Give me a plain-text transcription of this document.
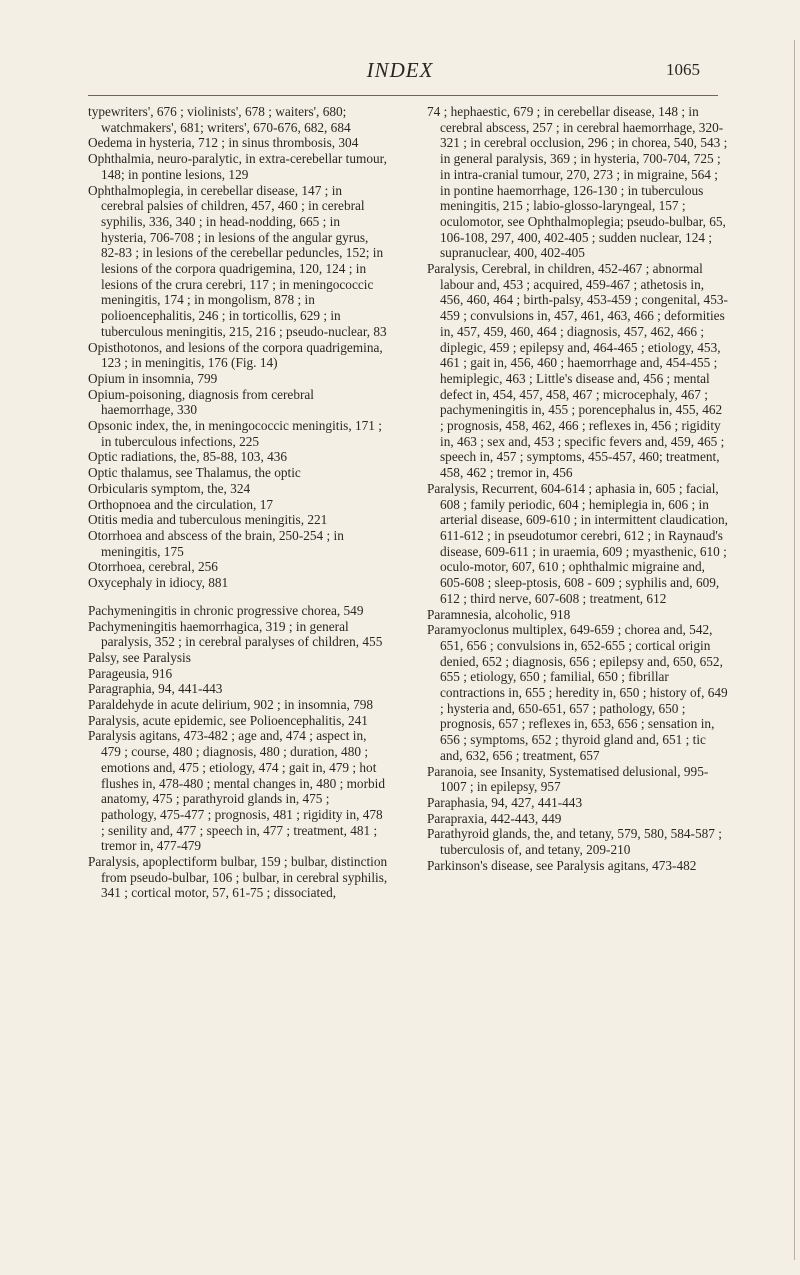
INDEX	1065

typewriters', 676 ; violinists', 678 ; waiters', 680; watchmakers', 681; writers', 670-676, 682, 684

Oedema in hysteria, 712 ; in sinus thrombosis, 304

Ophthalmia, neuro-paralytic, in extra-cerebellar tumour, 148; in pontine lesions, 129

Ophthalmoplegia, in cerebellar disease, 147 ; in cerebral palsies of children, 457, 460 ; in cerebral syphilis, 336, 340 ; in head-nodding, 665 ; in hysteria, 706-708 ; in lesions of the angular gyrus, 82-83 ; in lesions of the cerebellar peduncles, 152; in lesions of the corpora quadrigemina, 120, 124 ; in lesions of the crura cerebri, 117 ; in meningococcic meningitis, 174 ; in mongolism, 878 ; in polioencephalitis, 246 ; in torticollis, 629 ; in tuberculous meningitis, 215, 216 ; pseudo-nuclear, 83

Opisthotonos, and lesions of the corpora quadrigemina, 123 ; in meningitis, 176 (Fig. 14)

Opium in insomnia, 799

Opium-poisoning, diagnosis from cerebral haemorrhage, 330

Opsonic index, the, in meningococcic meningitis, 171 ; in tuberculous infections, 225

Optic radiations, the, 85-88, 103, 436

Optic thalamus, see Thalamus, the optic

Orbicularis symptom, the, 324

Orthopnoea and the circulation, 17

Otitis media and tuberculous meningitis, 221

Otorrhoea and abscess of the brain, 250-254 ; in meningitis, 175

Otorrhoea, cerebral, 256

Oxycephaly in idiocy, 881

Pachymeningitis in chronic progressive chorea, 549

Pachymeningitis haemorrhagica, 319 ; in general paralysis, 352 ; in cerebral paralyses of children, 455

Palsy, see Paralysis

Parageusia, 916

Paragraphia, 94, 441-443

Paraldehyde in acute delirium, 902 ; in insomnia, 798

Paralysis, acute epidemic, see Polioencephalitis, 241

Paralysis agitans, 473-482 ; age and, 474 ; aspect in, 479 ; course, 480 ; diagnosis, 480 ; duration, 480 ; emotions and, 475 ; etiology, 474 ; gait in, 479 ; hot flushes in, 478-480 ; mental changes in, 480 ; morbid anatomy, 475 ; parathyroid glands in, 475 ; pathology, 475-477 ; prognosis, 481 ; rigidity in, 478 ; senility and, 477 ; speech in, 477 ; treatment, 481 ; tremor in, 477-479

Paralysis, apoplectiform bulbar, 159 ; bulbar, distinction from pseudo-bulbar, 106 ; bulbar, in cerebral syphilis, 341 ; cortical motor, 57, 61-75 ; dissociated,

74 ; hephaestic, 679 ; in cerebellar disease, 148 ; in cerebral abscess, 257 ; in cerebral haemorrhage, 320-321 ; in cerebral occlusion, 296 ; in chorea, 540, 543 ; in general paralysis, 369 ; in hysteria, 700-704, 725 ; in intra-cranial tumour, 270, 273 ; in migraine, 564 ; in pontine haemorrhage, 126-130 ; in tuberculous meningitis, 215 ; labio-glosso-laryngeal, 157 ; oculomotor, see Ophthalmoplegia; pseudo-bulbar, 65, 106-108, 297, 400, 402-405 ; sudden nuclear, 124 ; supranuclear, 400, 402-405

Paralysis, Cerebral, in children, 452-467 ; abnormal labour and, 453 ; acquired, 459-467 ; athetosis in, 456, 460, 464 ; birth-palsy, 453-459 ; congenital, 453-459 ; convulsions in, 457, 461, 463, 466 ; deformities in, 457, 459, 460, 464 ; diagnosis, 457, 462, 466 ; diplegic, 459 ; epilepsy and, 464-465 ; etiology, 453, 461 ; gait in, 456, 460 ; haemorrhage and, 454-455 ; hemiplegic, 463 ; Little's disease and, 456 ; mental defect in, 454, 457, 458, 467 ; microcephaly, 467 ; pachymeningitis in, 455 ; porencephalus in, 455, 462 ; prognosis, 458, 462, 466 ; reflexes in, 456 ; rigidity in, 463 ; sex and, 453 ; specific fevers and, 459, 465 ; speech in, 457 ; symptoms, 455-457, 460; treatment, 458, 462 ; tremor in, 456

Paralysis, Recurrent, 604-614 ; aphasia in, 605 ; facial, 608 ; family periodic, 604 ; hemiplegia in, 606 ; in arterial disease, 609-610 ; in intermittent claudication, 611-612 ; in pseudotumor cerebri, 612 ; in Raynaud's disease, 609-611 ; in uraemia, 609 ; myasthenic, 610 ; oculo-motor, 607, 610 ; ophthalmic migraine and, 605-608 ; sleep-ptosis, 608 - 609 ; syphilis and, 609, 612 ; third nerve, 607-608 ; treatment, 612

Paramnesia, alcoholic, 918

Paramyoclonus multiplex, 649-659 ; chorea and, 542, 651, 656 ; convulsions in, 652-655 ; cortical origin denied, 652 ; diagnosis, 656 ; epilepsy and, 650, 652, 655 ; etiology, 650 ; familial, 650 ; fibrillar contractions in, 655 ; heredity in, 650 ; history of, 649 ; hysteria and, 650-651, 657 ; pathology, 650 ; prognosis, 657 ; reflexes in, 653, 656 ; sensation in, 656 ; symptoms, 652 ; thyroid gland and, 651 ; tic and, 632, 656 ; treatment, 657

Paranoia, see Insanity, Systematised delusional, 995-1007 ; in epilepsy, 957

Paraphasia, 94, 427, 441-443

Parapraxia, 442-443, 449

Parathyroid glands, the, and tetany, 579, 580, 584-587 ; tuberculosis of, and tetany, 209-210

Parkinson's disease, see Paralysis agitans, 473-482
